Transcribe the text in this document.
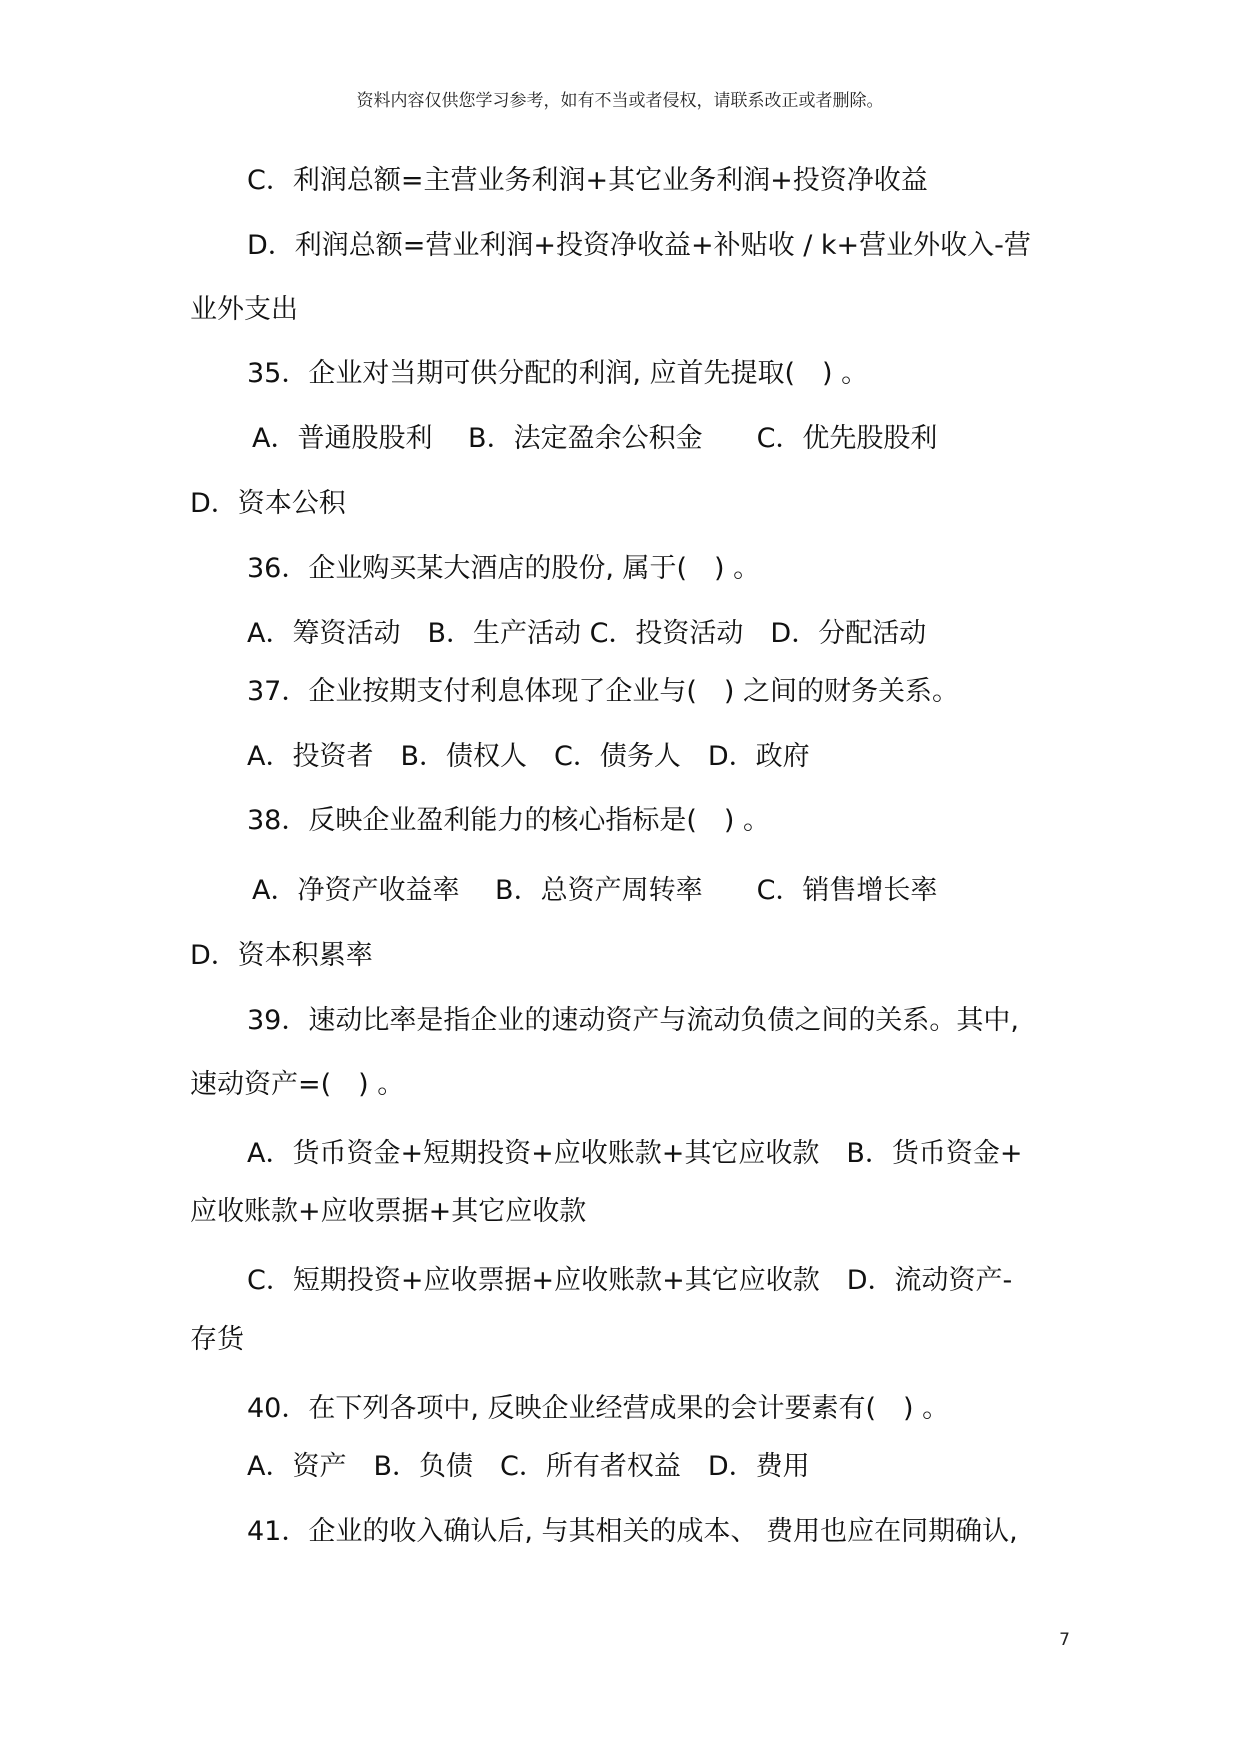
资料内容仅供您学习参考，如有不当或者侵权，请联系改正或者删除。
C．利润总额=主营业务利润+其它业务利润+投资净收益
D．利润总额=营业利润+投资净收益+补贴收 / k+营业外收入-营
业外支出
35．企业对当期可供分配的利润, 应首先提取(　) 。
A．普通股股利　 B．法定盈余公积金　　C．优先股股利
D．资本公积
36．企业购买某大酒店的股份, 属于(　) 。
A．筹资活动　B．生产活动 C．投资活动　D．分配活动
37．企业按期支付利息体现了企业与(　) 之间的财务关系。
A．投资者　B．债权人　C．债务人　D．政府
38．反映企业盈利能力的核心指标是(　) 。
A．净资产收益率　 B．总资产周转率　　C．销售增长率
D．资本积累率
39．速动比率是指企业的速动资产与流动负债之间的关系。其中,
速动资产=(　) 。
A．货币资金+短期投资+应收账款+其它应收款　B．货币资金+
应收账款+应收票据+其它应收款
C．短期投资+应收票据+应收账款+其它应收款　D．流动资产-
存货
40．在下列各项中, 反映企业经营成果的会计要素有(　) 。
A．资产　B．负债　C．所有者权益　D．费用
41．企业的收入确认后, 与其相关的成本、 费用也应在同期确认,
7
